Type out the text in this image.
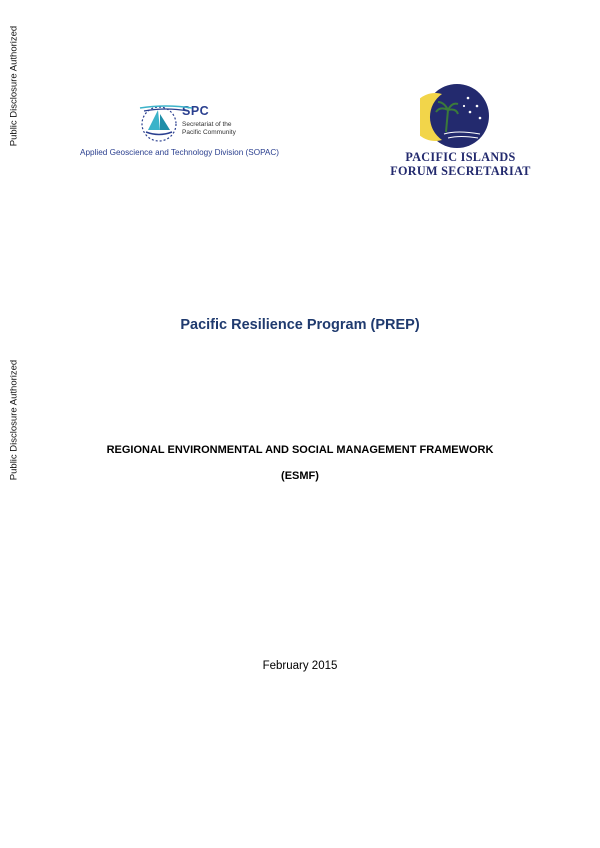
Public Disclosure Authorized
Public Disclosure Authorized
SPC
Secretariat of the Pacific Community
Applied Geoscience and Technology Division (SOPAC)	PACIFIC ISLANDS
FORUM SECRETARIAT
Pacific Resilience Program (PREP)
REGIONAL ENVIRONMENTAL AND SOCIAL MANAGEMENT FRAMEWORK
(ESMF)
February 2015
